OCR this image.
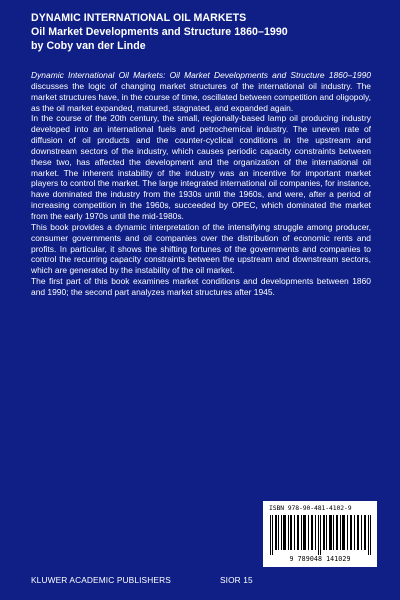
DYNAMIC INTERNATIONAL OIL MARKETS
Oil Market Developments and Structure 1860–1990
by Coby van der Linde

Dynamic International Oil Markets: Oil Market Developments and Structure 1860–1990 discusses the logic of changing market structures of the international oil industry. The market structures have, in the course of time, oscillated between competition and oligopoly, as the oil market expanded, matured, stagnated, and expanded again.

In the course of the 20th century, the small, regionally-based lamp oil producing industry developed into an international fuels and petrochemical industry. The uneven rate of diffusion of oil products and the counter-cyclical conditions in the upstream and downstream sectors of the industry, which causes periodic capacity constraints between these two, has affected the development and the organization of the international oil market. The inherent instability of the industry was an incentive for important market players to control the market. The large integrated international oil companies, for instance, have dominated the industry from the 1930s until the 1960s, and were, after a period of increasing competition in the 1960s, succeeded by OPEC, which dominated the market from the early 1970s until the mid-1980s.

This book provides a dynamic interpretation of the intensifying struggle among producer, consumer governments and oil companies over the distribution of economic rents and profits. In particular, it shows the shifting fortunes of the governments and companies to control the recurring capacity constraints between the upstream and downstream sectors, which are generated by the instability of the oil market.

The first part of this book examines market conditions and developments between 1860 and 1990; the second part analyzes market structures after 1945.

ISBN 978-90-481-4102-9
9 789048 141029
KLUWER ACADEMIC PUBLISHERS	SIOR 15
